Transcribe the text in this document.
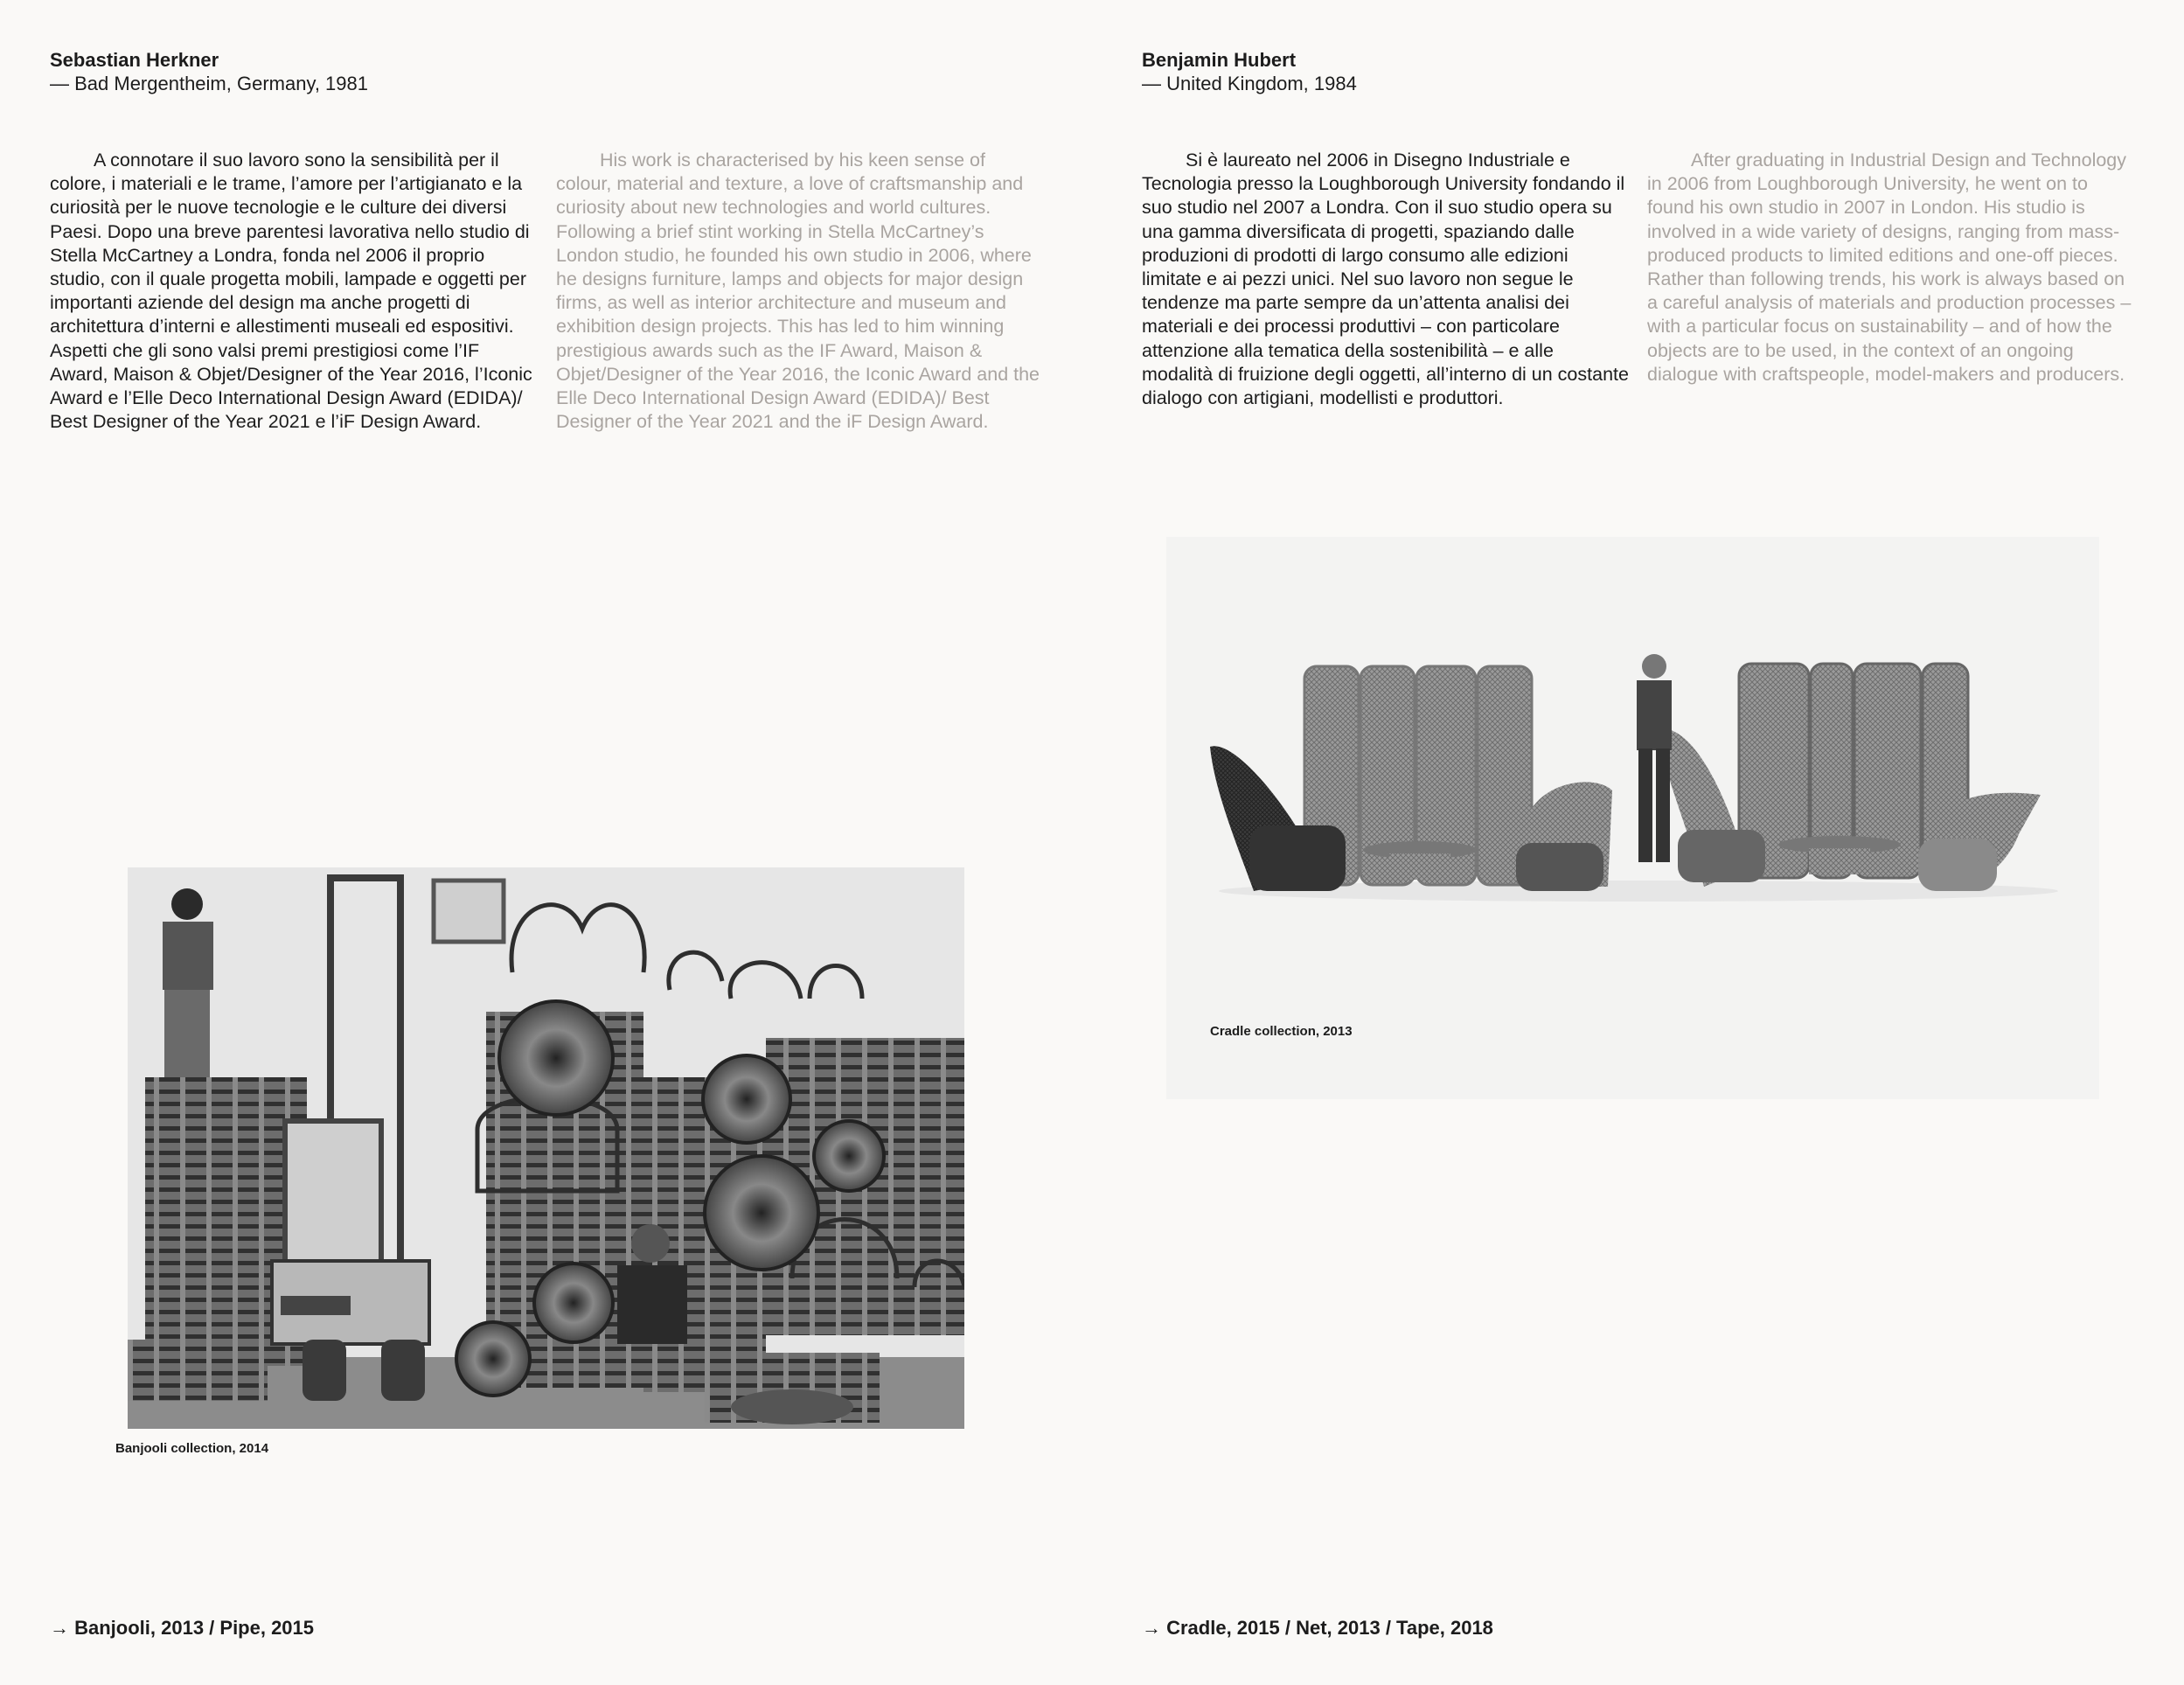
Sebastian Herkner
— Bad Mergentheim, Germany, 1981

A connotare il suo lavoro sono la sensibilità per il colore, i materiali e le trame, l’amore per l’artigianato e la curiosità per le nuove tecnologie e le culture dei diversi Paesi. Dopo una breve parentesi lavorativa nello studio di Stella McCartney a Londra, fonda nel 2006 il proprio studio, con il quale progetta mobili, lampade e oggetti per importanti aziende del design ma anche progetti di architettura d’interni e allestimenti museali ed espositivi. Aspetti che gli sono valsi premi prestigiosi come l’IF Award, Maison & Objet/Designer of the Year 2016, l’Iconic Award e l’Elle Deco International Design Award (EDIDA)/ Best Designer of the Year 2021 e l’iF Design Award.

His work is characterised by his keen sense of colour, material and texture, a love of craftsmanship and curiosity about new technologies and world cultures. Following a brief stint working in Stella McCartney’s London studio, he founded his own studio in 2006, where he designs furniture, lamps and objects for major design firms, as well as interior architecture and museum and exhibition design projects. This has led to him winning prestigious awards such as the IF Award, Maison & Objet/Designer of the Year 2016, the Iconic Award and the Elle Deco International Design Award (EDIDA)/ Best Designer of the Year 2021 and the iF Design Award.

Banjooli collection, 2014
→ Banjooli, 2013 / Pipe, 2015
Benjamin Hubert
— United Kingdom, 1984

Si è laureato nel 2006 in Disegno Industriale e Tecnologia presso la Loughborough University fondando il suo studio nel 2007 a Londra. Con il suo studio opera su una gamma diversificata di progetti, spaziando dalle produzioni di prodotti di largo consumo alle edizioni limitate e ai pezzi unici. Nel suo lavoro non segue le tendenze ma parte sempre da un’attenta analisi dei materiali e dei processi produttivi – con particolare attenzione alla tematica della sostenibilità – e alle modalità di fruizione degli oggetti, all’interno di un costante dialogo con artigiani, modellisti e produttori.

After graduating in Industrial Design and Technology in 2006 from Loughborough University, he went on to found his own studio in 2007 in London. His studio is involved in a wide variety of designs, ranging from mass-produced products to limited editions and one-off pieces. Rather than following trends, his work is always based on a careful analysis of materials and production processes – with a particular focus on sustainability – and of how the objects are to be used, in the context of an ongoing dialogue with craftspeople, model-makers and producers.

Cradle collection, 2013
→ Cradle, 2015 / Net, 2013 / Tape, 2018
